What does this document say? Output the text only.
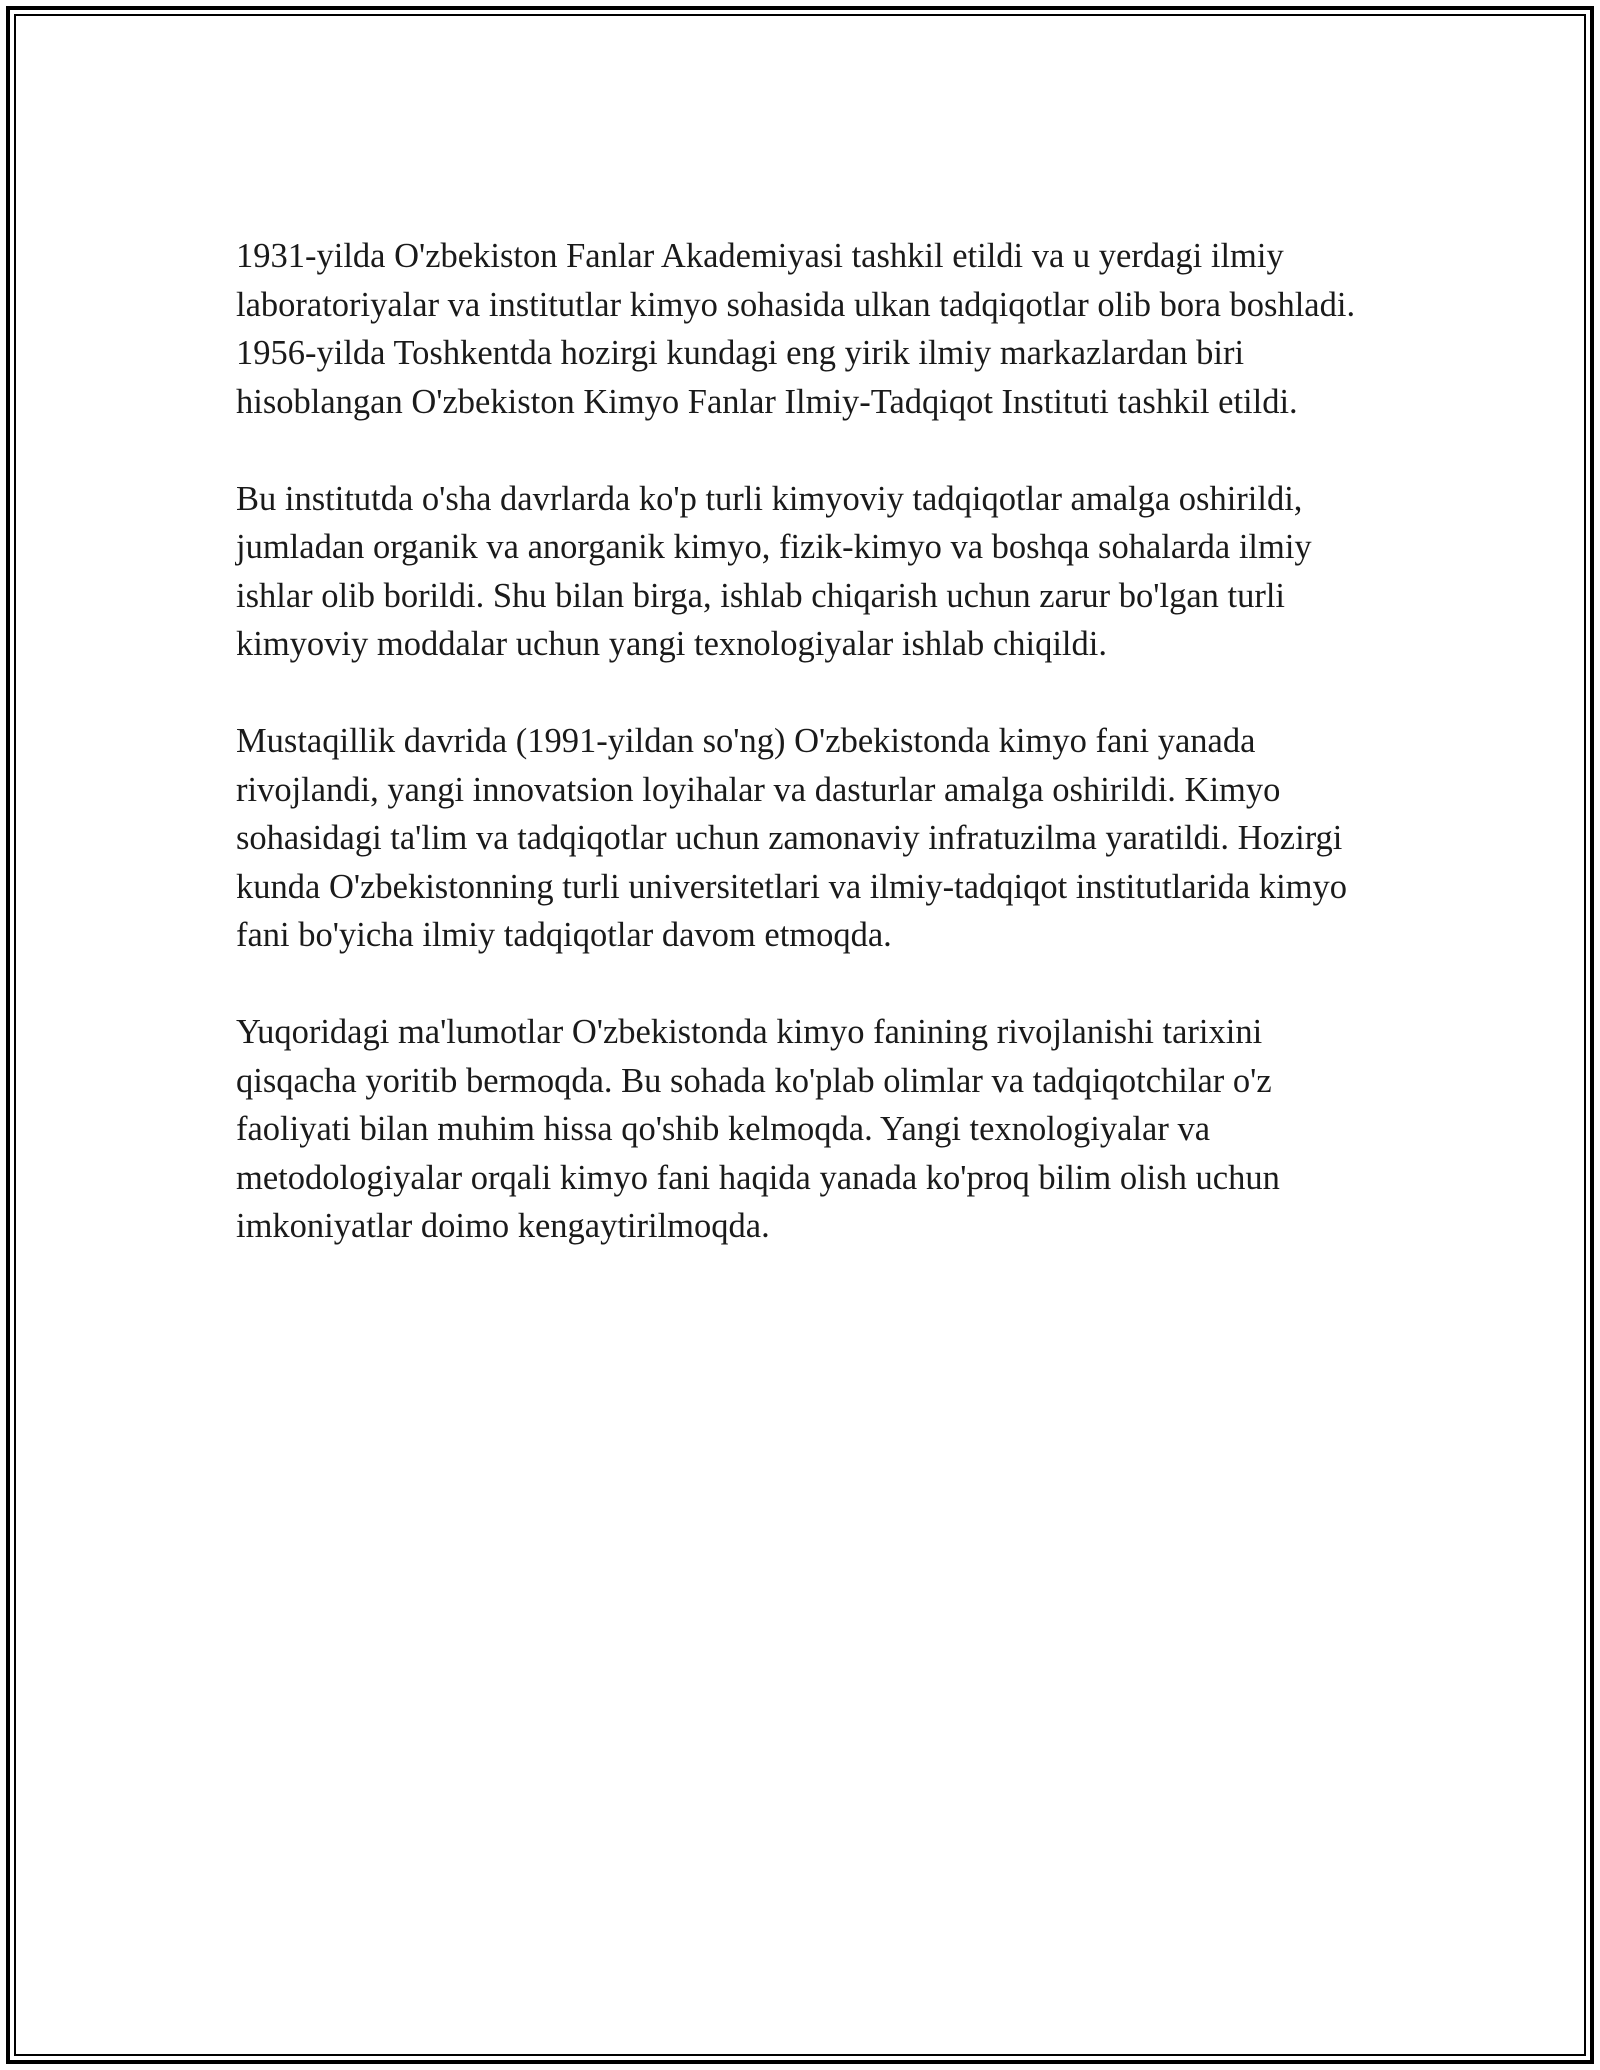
1931-yilda O'zbekiston Fanlar Akademiyasi tashkil etildi va u yerdagi ilmiy laboratoriyalar va institutlar kimyo sohasida ulkan tadqiqotlar olib bora boshladi. 1956-yilda Toshkentda hozirgi kundagi eng yirik ilmiy markazlardan biri hisoblangan O'zbekiston Kimyo Fanlar Ilmiy-Tadqiqot Instituti tashkil etildi.

Bu institutda o'sha davrlarda ko'p turli kimyoviy tadqiqotlar amalga oshirildi, jumladan organik va anorganik kimyo, fizik-kimyo va boshqa sohalarda ilmiy ishlar olib borildi. Shu bilan birga, ishlab chiqarish uchun zarur bo'lgan turli kimyoviy moddalar uchun yangi texnologiyalar ishlab chiqildi.

Mustaqillik davrida (1991-yildan so'ng) O'zbekistonda kimyo fani yanada rivojlandi, yangi innovatsion loyihalar va dasturlar amalga oshirildi. Kimyo sohasidagi ta'lim va tadqiqotlar uchun zamonaviy infratuzilma yaratildi. Hozirgi kunda O'zbekistonning turli universitetlari va ilmiy-tadqiqot institutlarida kimyo fani bo'yicha ilmiy tadqiqotlar davom etmoqda.

Yuqoridagi ma'lumotlar O'zbekistonda kimyo fanining rivojlanishi tarixini qisqacha yoritib bermoqda. Bu sohada ko'plab olimlar va tadqiqotchilar o'z faoliyati bilan muhim hissa qo'shib kelmoqda. Yangi texnologiyalar va metodologiyalar orqali kimyo fani haqida yanada ko'proq bilim olish uchun imkoniyatlar doimo kengaytirilmoqda.
